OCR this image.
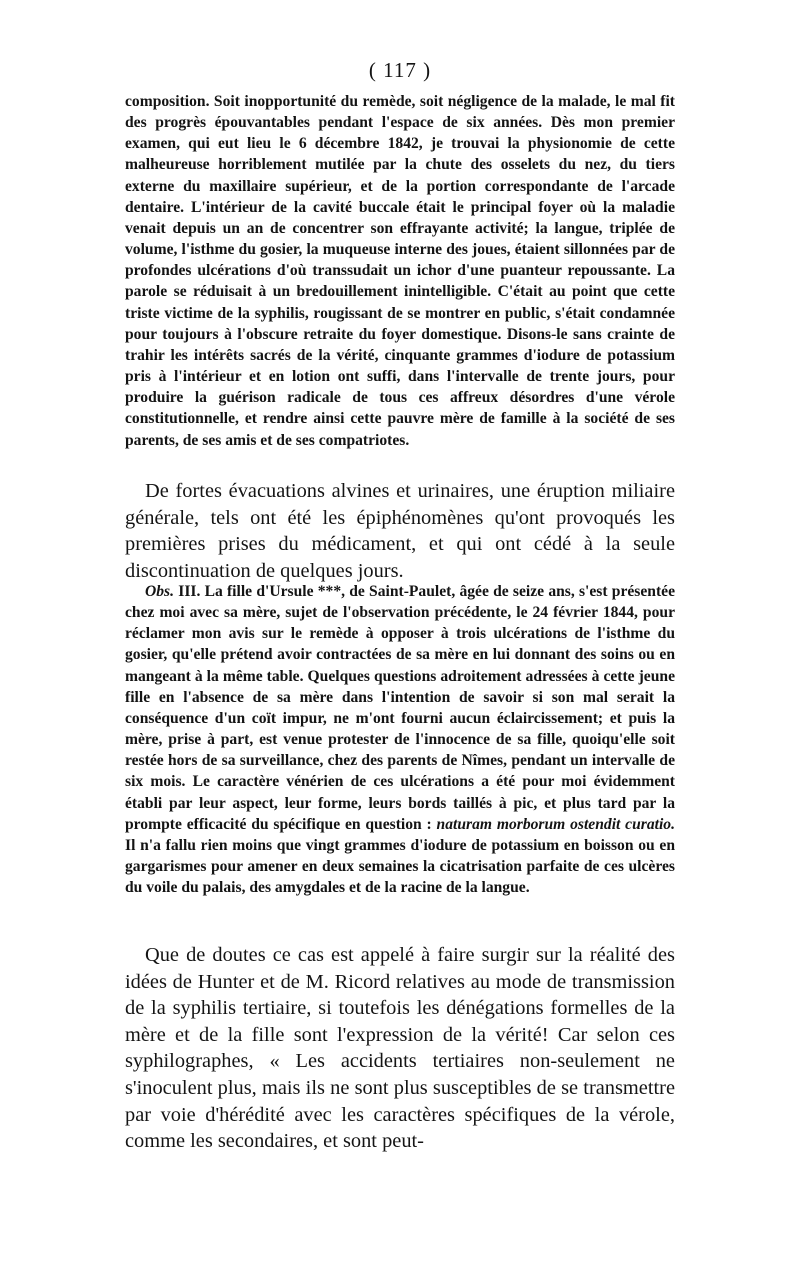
( 117 )

composition. Soit inopportunité du remède, soit négligence de la malade, le mal fit des progrès épouvantables pendant l'espace de six années. Dès mon premier examen, qui eut lieu le 6 décembre 1842, je trouvai la physionomie de cette malheureuse horriblement mutilée par la chute des osselets du nez, du tiers externe du maxillaire supérieur, et de la portion correspondante de l'arcade dentaire. L'intérieur de la cavité buccale était le principal foyer où la maladie venait depuis un an de concentrer son effrayante activité; la langue, triplée de volume, l'isthme du gosier, la muqueuse interne des joues, étaient sillonnées par de profondes ulcérations d'où transsudait un ichor d'une puanteur repoussante. La parole se réduisait à un bredouillement inintelligible. C'était au point que cette triste victime de la syphilis, rougissant de se montrer en public, s'était condamnée pour toujours à l'obscure retraite du foyer domestique. Disons-le sans crainte de trahir les intérêts sacrés de la vérité, cinquante grammes d'iodure de potassium pris à l'intérieur et en lotion ont suffi, dans l'intervalle de trente jours, pour produire la guérison radicale de tous ces affreux désordres d'une vérole constitutionnelle, et rendre ainsi cette pauvre mère de famille à la société de ses parents, de ses amis et de ses compatriotes.

De fortes évacuations alvines et urinaires, une éruption miliaire générale, tels ont été les épiphénomènes qu'ont provoqués les premières prises du médicament, et qui ont cédé à la seule discontinuation de quelques jours.

Obs. III. La fille d'Ursule ***, de Saint-Paulet, âgée de seize ans, s'est présentée chez moi avec sa mère, sujet de l'observation précédente, le 24 février 1844, pour réclamer mon avis sur le remède à opposer à trois ulcérations de l'isthme du gosier, qu'elle prétend avoir contractées de sa mère en lui donnant des soins ou en mangeant à la même table. Quelques questions adroitement adressées à cette jeune fille en l'absence de sa mère dans l'intention de savoir si son mal serait la conséquence d'un coït impur, ne m'ont fourni aucun éclaircissement; et puis la mère, prise à part, est venue protester de l'innocence de sa fille, quoiqu'elle soit restée hors de sa surveillance, chez des parents de Nîmes, pendant un intervalle de six mois. Le caractère vénérien de ces ulcérations a été pour moi évidemment établi par leur aspect, leur forme, leurs bords taillés à pic, et plus tard par la prompte efficacité du spécifique en question : naturam morborum ostendit curatio. Il n'a fallu rien moins que vingt grammes d'iodure de potassium en boisson ou en gargarismes pour amener en deux semaines la cicatrisation parfaite de ces ulcères du voile du palais, des amygdales et de la racine de la langue.

Que de doutes ce cas est appelé à faire surgir sur la réalité des idées de Hunter et de M. Ricord relatives au mode de transmission de la syphilis tertiaire, si toutefois les dénégations formelles de la mère et de la fille sont l'expression de la vérité! Car selon ces syphilographes, « Les accidents tertiaires non-seulement ne s'inoculent plus, mais ils ne sont plus susceptibles de se transmettre par voie d'hérédité avec les caractères spécifiques de la vérole, comme les secondaires, et sont peut-
